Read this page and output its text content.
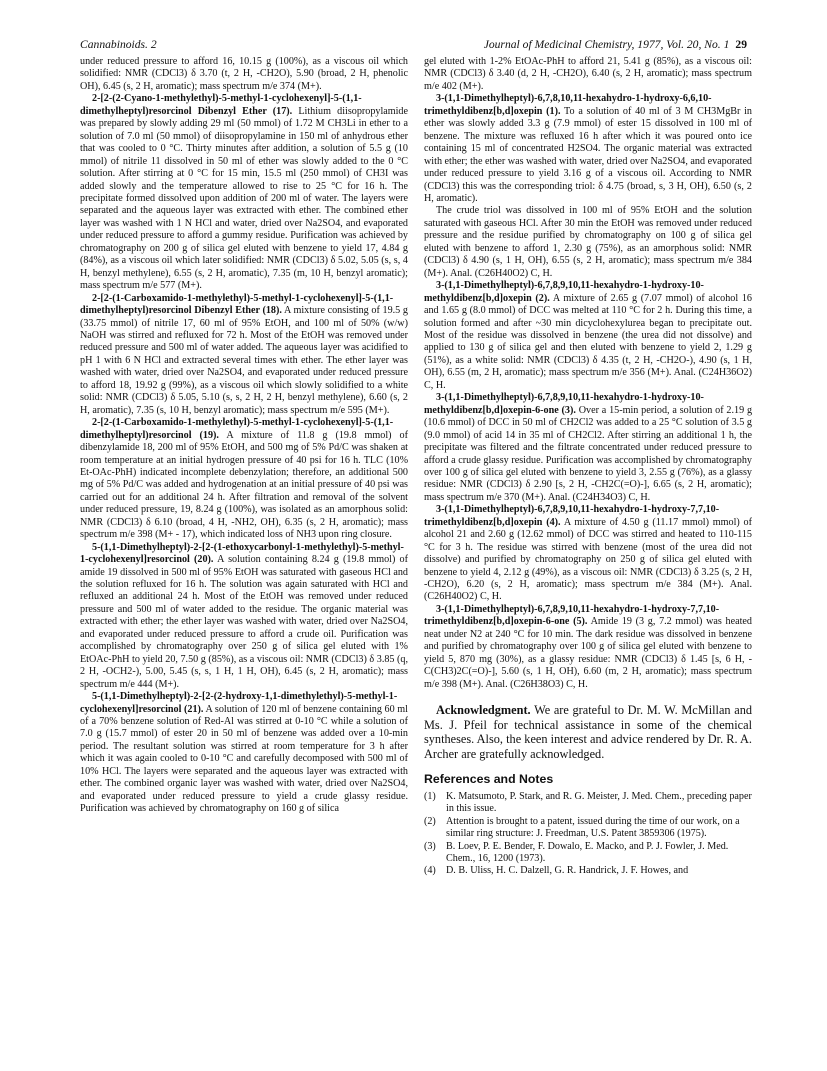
Cannabinoids. 2	Journal of Medicinal Chemistry, 1977, Vol. 20, No. 1 29

under reduced pressure to afford 16, 10.15 g (100%), as a viscous oil which solidified: NMR (CDCl3) δ 3.70 (t, 2 H, -CH2O), 5.90 (broad, 2 H, phenolic OH), 6.45 (s, 2 H, aromatic); mass spectrum m/e 374 (M+).

2-[2-(2-Cyano-1-methylethyl)-5-methyl-1-cyclohexenyl]-5-(1,1-dimethylheptyl)resorcinol Dibenzyl Ether (17). Lithium diisopropylamide was prepared by slowly adding 29 ml (50 mmol) of 1.72 M CH3Li in ether to a solution of 7.0 ml (50 mmol) of diisopropylamine in 150 ml of anhydrous ether that was cooled to 0 °C. Thirty minutes after addition, a solution of 5.5 g (10 mmol) of nitrile 11 dissolved in 50 ml of ether was slowly added to the 0 °C solution. After stirring at 0 °C for 15 min, 15.5 ml (250 mmol) of CH3I was added slowly and the temperature allowed to rise to 25 °C for 16 h. The precipitate formed dissolved upon addition of 200 ml of water. The layers were separated and the aqueous layer was extracted with ether. The combined ether layer was washed with 1 N HCl and water, dried over Na2SO4, and evaporated under reduced pressure to afford a gummy residue. Purification was achieved by chromatography on 200 g of silica gel eluted with benzene to yield 17, 4.84 g (84%), as a viscous oil which later solidified: NMR (CDCl3) δ 5.02, 5.05 (s, s, 4 H, benzyl methylene), 6.55 (s, 2 H, aromatic), 7.35 (m, 10 H, benzyl aromatic); mass spectrum m/e 577 (M+).

2-[2-(1-Carboxamido-1-methylethyl)-5-methyl-1-cyclohexenyl]-5-(1,1-dimethylheptyl)resorcinol Dibenzyl Ether (18). A mixture consisting of 19.5 g (33.75 mmol) of nitrile 17, 60 ml of 95% EtOH, and 100 ml of 50% (w/w) NaOH was stirred and refluxed for 72 h. Most of the EtOH was removed under reduced pressure and 500 ml of water added. The aqueous layer was acidified to pH 1 with 6 N HCl and extracted several times with ether. The ether layer was washed with water, dried over Na2SO4, and evaporated under reduced pressure to afford 18, 19.92 g (99%), as a viscous oil which slowly solidified to a white solid: NMR (CDCl3) δ 5.05, 5.10 (s, s, 2 H, 2 H, benzyl methylene), 6.60 (s, 2 H, aromatic), 7.35 (s, 10 H, benzyl aromatic); mass spectrum m/e 595 (M+).

2-[2-(1-Carboxamido-1-methylethyl)-5-methyl-1-cyclohexenyl]-5-(1,1-dimethylheptyl)resorcinol (19). A mixture of 11.8 g (19.8 mmol) of dibenzylamide 18, 200 ml of 95% EtOH, and 500 mg of 5% Pd/C was shaken at room temperature at an initial hydrogen pressure of 40 psi for 16 h. TLC (10% Et-OAc-PhH) indicated incomplete debenzylation; therefore, an additional 500 mg of 5% Pd/C was added and hydrogenation at an initial pressure of 40 psi was carried out for an additional 24 h. After filtration and removal of the solvent under reduced pressure, 19, 8.24 g (100%), was isolated as an amorphous solid: NMR (CDCl3) δ 6.10 (broad, 4 H, -NH2, OH), 6.35 (s, 2 H, aromatic); mass spectrum m/e 398 (M+ - 17), which indicated loss of NH3 upon ring closure.

5-(1,1-Dimethylheptyl)-2-[2-(1-ethoxycarbonyl-1-methylethyl)-5-methyl-1-cyclohexenyl]resorcinol (20). A solution containing 8.24 g (19.8 mmol) of amide 19 dissolved in 500 ml of 95% EtOH was saturated with gaseous HCl and the solution refluxed for 16 h. The solution was again saturated with HCl and refluxed an additional 24 h. Most of the EtOH was removed under reduced pressure and 500 ml of water added to the residue. The organic material was extracted with ether; the ether layer was washed with water, dried over Na2SO4, and evaporated under reduced pressure to afford a crude oil. Purification was accomplished by chromatography over 250 g of silica gel eluted with 1% EtOAc-PhH to yield 20, 7.50 g (85%), as a viscous oil: NMR (CDCl3) δ 3.85 (q, 2 H, -OCH2-), 5.00, 5.45 (s, s, 1 H, 1 H, OH), 6.45 (s, 2 H, aromatic); mass spectrum m/e 444 (M+).

5-(1,1-Dimethylheptyl)-2-[2-(2-hydroxy-1,1-dimethylethyl)-5-methyl-1-cyclohexenyl]resorcinol (21). A solution of 120 ml of benzene containing 60 ml of a 70% benzene solution of Red-Al was stirred at 0-10 °C while a solution of 7.0 g (15.7 mmol) of ester 20 in 50 ml of benzene was added over a 10-min period. The resultant solution was stirred at room temperature for 3 h after which it was again cooled to 0-10 °C and carefully decomposed with 500 ml of 10% HCl. The layers were separated and the aqueous layer was extracted with ether. The combined organic layer was washed with water, dried over Na2SO4, and evaporated under reduced pressure to yield a crude glassy residue. Purification was achieved by chromatography on 160 g of silica

gel eluted with 1-2% EtOAc-PhH to afford 21, 5.41 g (85%), as a viscous oil: NMR (CDCl3) δ 3.40 (d, 2 H, -CH2O), 6.40 (s, 2 H, aromatic); mass spectrum m/e 402 (M+).

3-(1,1-Dimethylheptyl)-6,7,8,10,11-hexahydro-1-hydroxy-6,6,10-trimethyldibenz[b,d]oxepin (1). To a solution of 40 ml of 3 M CH3MgBr in ether was slowly added 3.3 g (7.9 mmol) of ester 15 dissolved in 100 ml of benzene. The mixture was refluxed 16 h after which it was poured onto ice containing 15 ml of concentrated H2SO4. The organic material was extracted with ether; the ether was washed with water, dried over Na2SO4, and evaporated under reduced pressure to yield 3.16 g of a viscous oil. According to NMR (CDCl3) this was the corresponding triol: δ 4.75 (broad, s, 3 H, OH), 6.50 (s, 2 H, aromatic).

The crude triol was dissolved in 100 ml of 95% EtOH and the solution saturated with gaseous HCl. After 30 min the EtOH was removed under reduced pressure and the residue purified by chromatography on 100 g of silica gel eluted with benzene to afford 1, 2.30 g (75%), as an amorphous solid: NMR (CDCl3) δ 4.90 (s, 1 H, OH), 6.55 (s, 2 H, aromatic); mass spectrum m/e 384 (M+). Anal. (C26H40O2) C, H.

3-(1,1-Dimethylheptyl)-6,7,8,9,10,11-hexahydro-1-hydroxy-10-methyldibenz[b,d]oxepin (2). A mixture of 2.65 g (7.07 mmol) of alcohol 16 and 1.65 g (8.0 mmol) of DCC was melted at 110 °C for 2 h. During this time, a solution formed and after ~30 min dicyclohexylurea began to precipitate out. Most of the residue was dissolved in benzene (the urea did not dissolve) and applied to 130 g of silica gel and then eluted with benzene to yield 2, 1.29 g (51%), as a white solid: NMR (CDCl3) δ 4.35 (t, 2 H, -CH2O-), 4.90 (s, 1 H, OH), 6.55 (m, 2 H, aromatic); mass spectrum m/e 356 (M+). Anal. (C24H36O2) C, H.

3-(1,1-Dimethylheptyl)-6,7,8,9,10,11-hexahydro-1-hydroxy-10-methyldibenz[b,d]oxepin-6-one (3). Over a 15-min period, a solution of 2.19 g (10.6 mmol) of DCC in 50 ml of CH2Cl2 was added to a 25 °C solution of 3.5 g (9.0 mmol) of acid 14 in 35 ml of CH2Cl2. After stirring an additional 1 h, the precipitate was filtered and the filtrate concentrated under reduced pressure to afford a crude glassy residue. Purification was accomplished by chromatography over 100 g of silica gel eluted with benzene to yield 3, 2.55 g (76%), as a glassy residue: NMR (CDCl3) δ 2.90 [s, 2 H, -CH2C(=O)-], 6.65 (s, 2 H, aromatic); mass spectrum m/e 370 (M+). Anal. (C24H34O3) C, H.

3-(1,1-Dimethylheptyl)-6,7,8,9,10,11-hexahydro-1-hydroxy-7,7,10-trimethyldibenz[b,d]oxepin (4). A mixture of 4.50 g (11.17 mmol) mmol) of alcohol 21 and 2.60 g (12.62 mmol) of DCC was stirred and heated to 110-115 °C for 3 h. The residue was stirred with benzene (most of the urea did not dissolve) and purified by chromatography on 250 g of silica gel eluted with benzene to yield 4, 2.12 g (49%), as a viscous oil: NMR (CDCl3) δ 3.25 (s, 2 H, -CH2O), 6.20 (s, 2 H, aromatic); mass spectrum m/e 384 (M+). Anal. (C26H40O2) C, H.

3-(1,1-Dimethylheptyl)-6,7,8,9,10,11-hexahydro-1-hydroxy-7,7,10-trimethyldibenz[b,d]oxepin-6-one (5). Amide 19 (3 g, 7.2 mmol) was heated neat under N2 at 240 °C for 10 min. The dark residue was dissolved in benzene and purified by chromatography over 100 g of silica gel eluted with benzene to yield 5, 870 mg (30%), as a glassy residue: NMR (CDCl3) δ 1.45 [s, 6 H, -C(CH3)2C(=O)-], 5.60 (s, 1 H, OH), 6.60 (m, 2 H, aromatic); mass spectrum m/e 398 (M+). Anal. (C26H38O3) C, H.

Acknowledgment. We are grateful to Dr. M. W. McMillan and Ms. J. Pfeil for technical assistance in some of the chemical syntheses. Also, the keen interest and advice rendered by Dr. R. A. Archer are gratefully acknowledged.
References and Notes
(1) K. Matsumoto, P. Stark, and R. G. Meister, J. Med. Chem., preceding paper in this issue.
(2) Attention is brought to a patent, issued during the time of our work, on a similar ring structure: J. Freedman, U.S. Patent 3859306 (1975).
(3) B. Loev, P. E. Bender, F. Dowalo, E. Macko, and P. J. Fowler, J. Med. Chem., 16, 1200 (1973).
(4) D. B. Uliss, H. C. Dalzell, G. R. Handrick, J. F. Howes, and
